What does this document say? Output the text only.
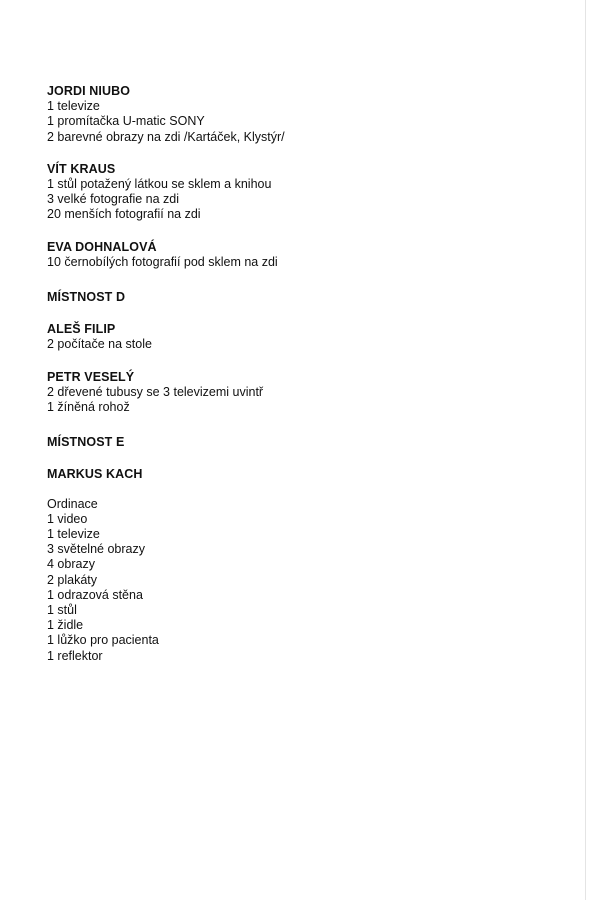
JORDI NIUBO
1 televize
1 promítačka U-matic SONY
2 barevné obrazy na zdi /Kartáček, Klystýr/
VÍT KRAUS
1 stůl potažený látkou se sklem a knihou
3 velké fotografie na zdi
20 menších fotografií na zdi
EVA DOHNALOVÁ
10 černobílých fotografií pod sklem na zdi
MÍSTNOST D
ALEŠ FILIP
2 počítače na stole
PETR VESELÝ
2 dřevené tubusy se 3 televizemi uvintř
1 žíněná rohož
MÍSTNOST E
MARKUS KACH
Ordinace
1 video
1 televize
3 světelné obrazy
4 obrazy
2 plakáty
1 odrazová stěna
1 stůl
1 židle
1 lůžko pro pacienta
1 reflektor
